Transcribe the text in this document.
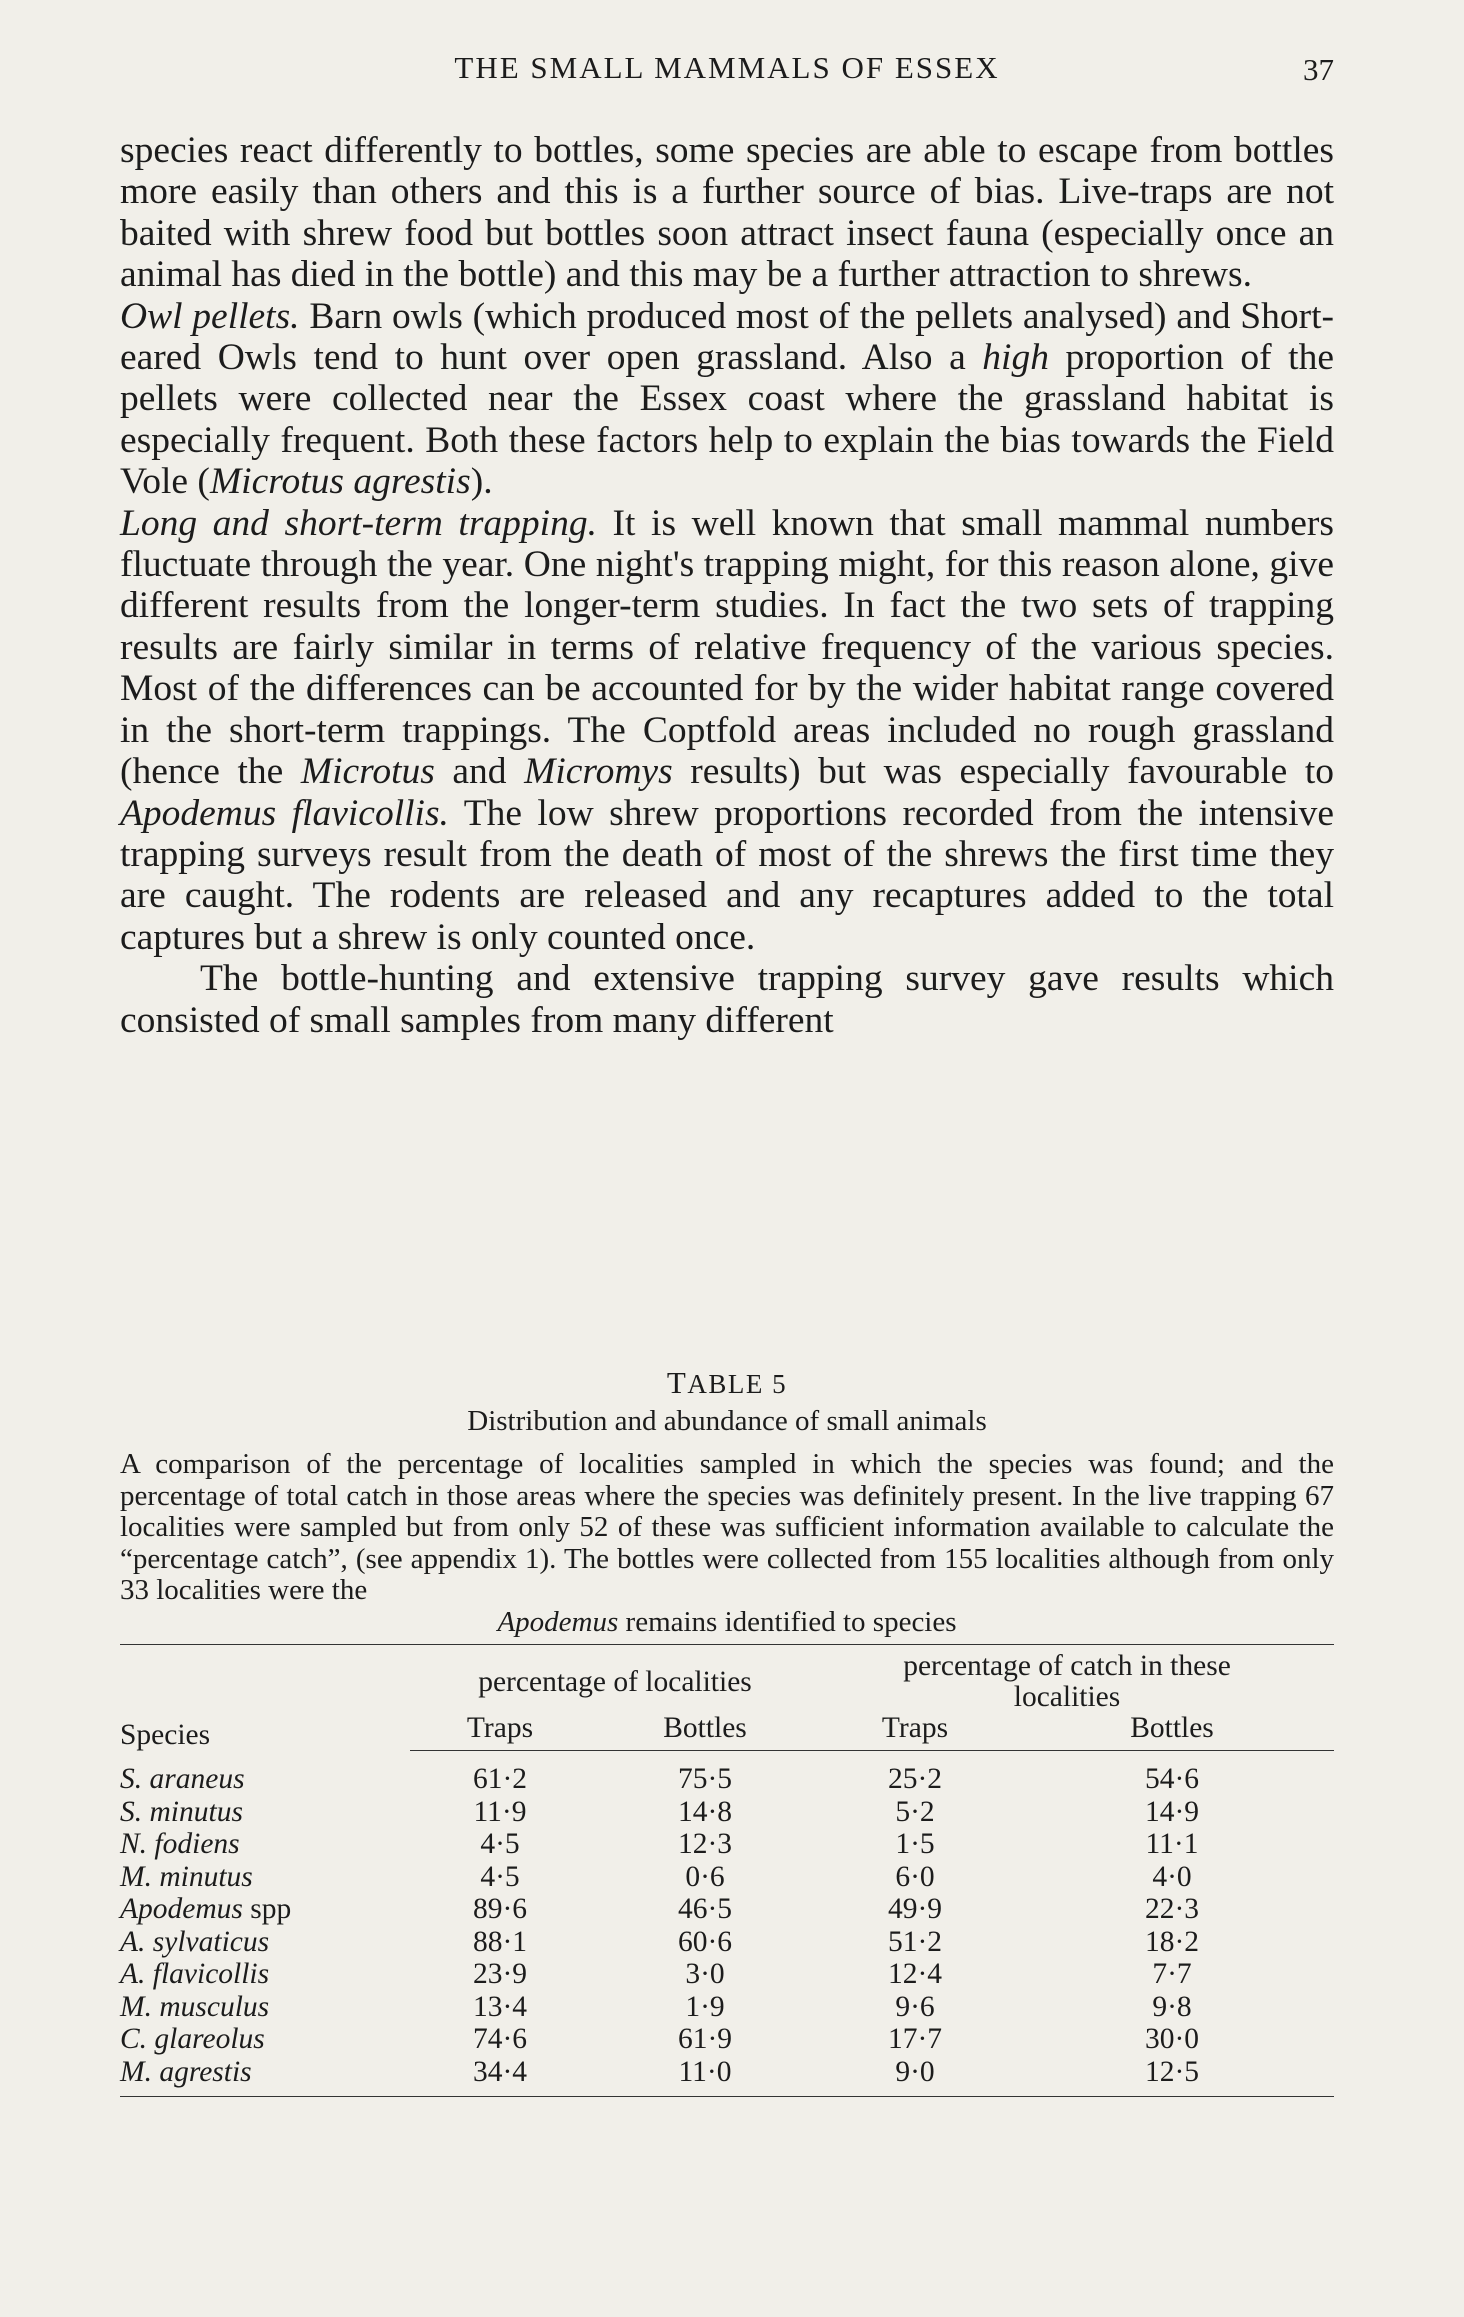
THE SMALL MAMMALS OF ESSEX	37

species react differently to bottles, some species are able to escape from bottles more easily than others and this is a further source of bias. Live-traps are not baited with shrew food but bottles soon attract insect fauna (especially once an animal has died in the bottle) and this may be a further attraction to shrews.

Owl pellets. Barn owls (which produced most of the pellets analysed) and Short-eared Owls tend to hunt over open grassland. Also a high proportion of the pellets were collected near the Essex coast where the grassland habitat is especially frequent. Both these factors help to explain the bias towards the Field Vole (Microtus agrestis).

Long and short-term trapping. It is well known that small mammal numbers fluctuate through the year. One night's trapping might, for this reason alone, give different results from the longer-term studies. In fact the two sets of trapping results are fairly similar in terms of relative frequency of the various species. Most of the differences can be accounted for by the wider habitat range covered in the short-term trappings. The Coptfold areas included no rough grassland (hence the Microtus and Micromys results) but was especially favourable to Apodemus flavicollis. The low shrew proportions recorded from the intensive trapping surveys result from the death of most of the shrews the first time they are caught. The rodents are released and any recaptures added to the total captures but a shrew is only counted once.

The bottle-hunting and extensive trapping survey gave results which consisted of small samples from many different

TABLE 5
Distribution and abundance of small animals
A comparison of the percentage of localities sampled in which the species was found; and the percentage of total catch in those areas where the species was definitely present. In the live trapping 67 localities were sampled but from only 52 of these was sufficient information available to calculate the “percentage catch”, (see appendix 1). The bottles were collected from 155 localities although from only 33 localities were the
Apodemus remains identified to species

Species	percentage of localities		percentage of catch in these localities	
	Traps	Bottles	Traps	Bottles
S. araneus	61·2	75·5	25·2	54·6
S. minutus	11·9	14·8	5·2	14·9
N. fodiens	4·5	12·3	1·5	11·1
M. minutus	4·5	0·6	6·0	4·0
Apodemus spp	89·6	46·5	49·9	22·3
A. sylvaticus	88·1	60·6	51·2	18·2
A. flavicollis	23·9	3·0	12·4	7·7
M. musculus	13·4	1·9	9·6	9·8
C. glareolus	74·6	61·9	17·7	30·0
M. agrestis	34·4	11·0	9·0	12·5
